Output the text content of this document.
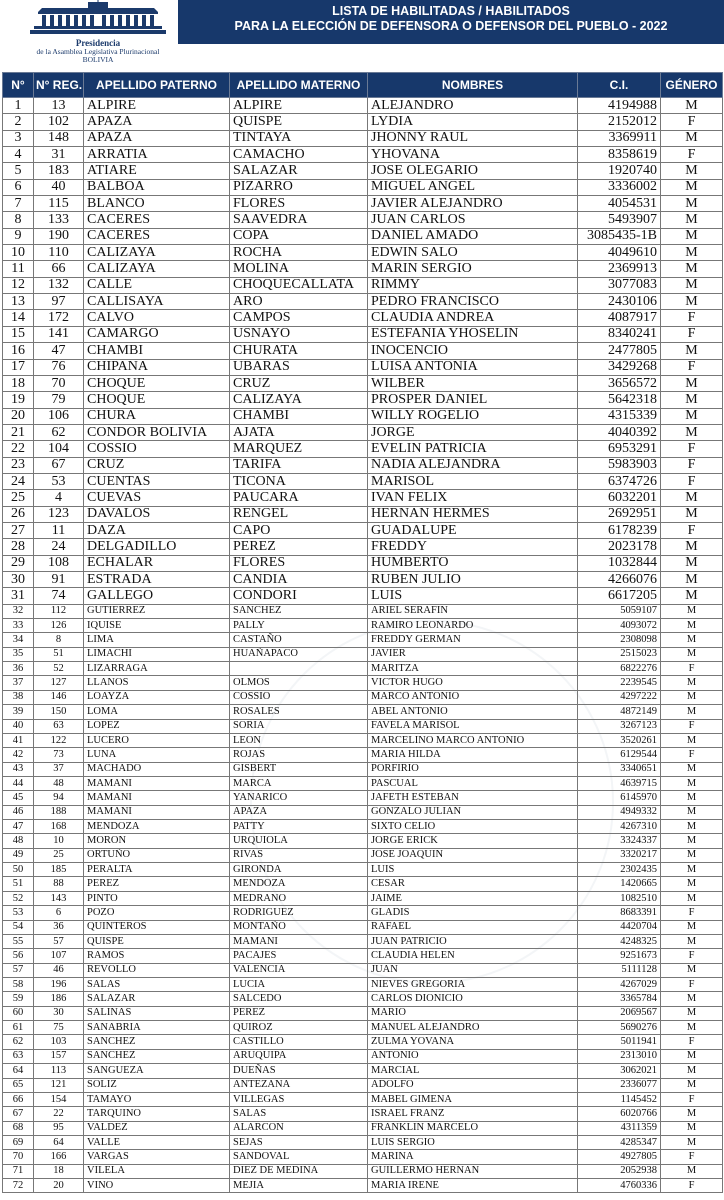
Presidencia
de la Asamblea Legislativa Plurinacional
BOLIVIA
LISTA DE HABILITADAS / HABILITADOS
PARA LA ELECCIÓN DE DEFENSORA O DEFENSOR DEL PUEBLO - 2022
N°	N° REG.	APELLIDO PATERNO	APELLIDO MATERNO	NOMBRES	C.I.	GÉNERO
1	13	ALPIRE	ALPIRE	ALEJANDRO	4194988	M
2	102	APAZA	QUISPE	LYDIA	2152012	F
3	148	APAZA	TINTAYA	JHONNY RAUL	3369911	M
4	31	ARRATIA	CAMACHO	YHOVANA	8358619	F
5	183	ATIARE	SALAZAR	JOSE OLEGARIO	1920740	M
6	40	BALBOA	PIZARRO	MIGUEL ANGEL	3336002	M
7	115	BLANCO	FLORES	JAVIER ALEJANDRO	4054531	M
8	133	CACERES	SAAVEDRA	JUAN CARLOS	5493907	M
9	190	CACERES	COPA	DANIEL AMADO	3085435-1B	M
10	110	CALIZAYA	ROCHA	EDWIN SALO	4049610	M
11	66	CALIZAYA	MOLINA	MARIN SERGIO	2369913	M
12	132	CALLE	CHOQUECALLATA	RIMMY	3077083	M
13	97	CALLISAYA	ARO	PEDRO FRANCISCO	2430106	M
14	172	CALVO	CAMPOS	CLAUDIA ANDREA	4087917	F
15	141	CAMARGO	USNAYO	ESTEFANIA YHOSELIN	8340241	F
16	47	CHAMBI	CHURATA	INOCENCIO	2477805	M
17	76	CHIPANA	UBARAS	LUISA ANTONIA	3429268	F
18	70	CHOQUE	CRUZ	WILBER	3656572	M
19	79	CHOQUE	CALIZAYA	PROSPER DANIEL	5642318	M
20	106	CHURA	CHAMBI	WILLY ROGELIO	4315339	M
21	62	CONDOR BOLIVIA	AJATA	JORGE	4040392	M
22	104	COSSIO	MARQUEZ	EVELIN PATRICIA	6953291	F
23	67	CRUZ	TARIFA	NADIA ALEJANDRA	5983903	F
24	53	CUENTAS	TICONA	MARISOL	6374726	F
25	4	CUEVAS	PAUCARA	IVAN FELIX	6032201	M
26	123	DAVALOS	RENGEL	HERNAN HERMES	2692951	M
27	11	DAZA	CAPO	GUADALUPE	6178239	F
28	24	DELGADILLO	PEREZ	FREDDY	2023178	M
29	108	ECHALAR	FLORES	HUMBERTO	1032844	M
30	91	ESTRADA	CANDIA	RUBEN JULIO	4266076	M
31	74	GALLEGO	CONDORI	LUIS	6617205	M
32	112	GUTIERREZ	SANCHEZ	ARIEL SERAFIN	5059107	M
33	126	IQUISE	PALLY	RAMIRO LEONARDO	4093072	M
34	8	LIMA	CASTAÑO	FREDDY GERMAN	2308098	M
35	51	LIMACHI	HUAÑAPACO	JAVIER	2515023	M
36	52	LIZARRAGA		MARITZA	6822276	F
37	127	LLANOS	OLMOS	VICTOR HUGO	2239545	M
38	146	LOAYZA	COSSIO	MARCO ANTONIO	4297222	M
39	150	LOMA	ROSALES	ABEL ANTONIO	4872149	M
40	63	LOPEZ	SORIA	FAVELA MARISOL	3267123	F
41	122	LUCERO	LEON	MARCELINO MARCO ANTONIO	3520261	M
42	73	LUNA	ROJAS	MARIA HILDA	6129544	F
43	37	MACHADO	GISBERT	PORFIRIO	3340651	M
44	48	MAMANI	MARCA	PASCUAL	4639715	M
45	94	MAMANI	YANARICO	JAFETH ESTEBAN	6145970	M
46	188	MAMANI	APAZA	GONZALO JULIAN	4949332	M
47	168	MENDOZA	PATTY	SIXTO CELIO	4267310	M
48	10	MORON	URQUIOLA	JORGE ERICK	3324337	M
49	25	ORTUÑO	RIVAS	JOSE JOAQUIN	3320217	M
50	185	PERALTA	GIRONDA	LUIS	2302435	M
51	88	PEREZ	MENDOZA	CESAR	1420665	M
52	143	PINTO	MEDRANO	JAIME	1082510	M
53	6	POZO	RODRIGUEZ	GLADIS	8683391	F
54	36	QUINTEROS	MONTAÑO	RAFAEL	4420704	M
55	57	QUISPE	MAMANI	JUAN PATRICIO	4248325	M
56	107	RAMOS	PACAJES	CLAUDIA HELEN	9251673	F
57	46	REVOLLO	VALENCIA	JUAN	5111128	M
58	196	SALAS	LUCIA	NIEVES GREGORIA	4267029	F
59	186	SALAZAR	SALCEDO	CARLOS DIONICIO	3365784	M
60	30	SALINAS	PEREZ	MARIO	2069567	M
61	75	SANABRIA	QUIROZ	MANUEL ALEJANDRO	5690276	M
62	103	SANCHEZ	CASTILLO	ZULMA YOVANA	5011941	F
63	157	SANCHEZ	ARUQUIPA	ANTONIO	2313010	M
64	113	SANGUEZA	DUEÑAS	MARCIAL	3062021	M
65	121	SOLIZ	ANTEZANA	ADOLFO	2336077	M
66	154	TAMAYO	VILLEGAS	MABEL GIMENA	1145452	F
67	22	TARQUINO	SALAS	ISRAEL FRANZ	6020766	M
68	95	VALDEZ	ALARCON	FRANKLIN MARCELO	4311359	M
69	64	VALLE	SEJAS	LUIS SERGIO	4285347	M
70	166	VARGAS	SANDOVAL	MARINA	4927805	F
71	18	VILELA	DIEZ DE MEDINA	GUILLERMO HERNAN	2052938	M
72	20	VINO	MEJIA	MARIA IRENE	4760336	F
